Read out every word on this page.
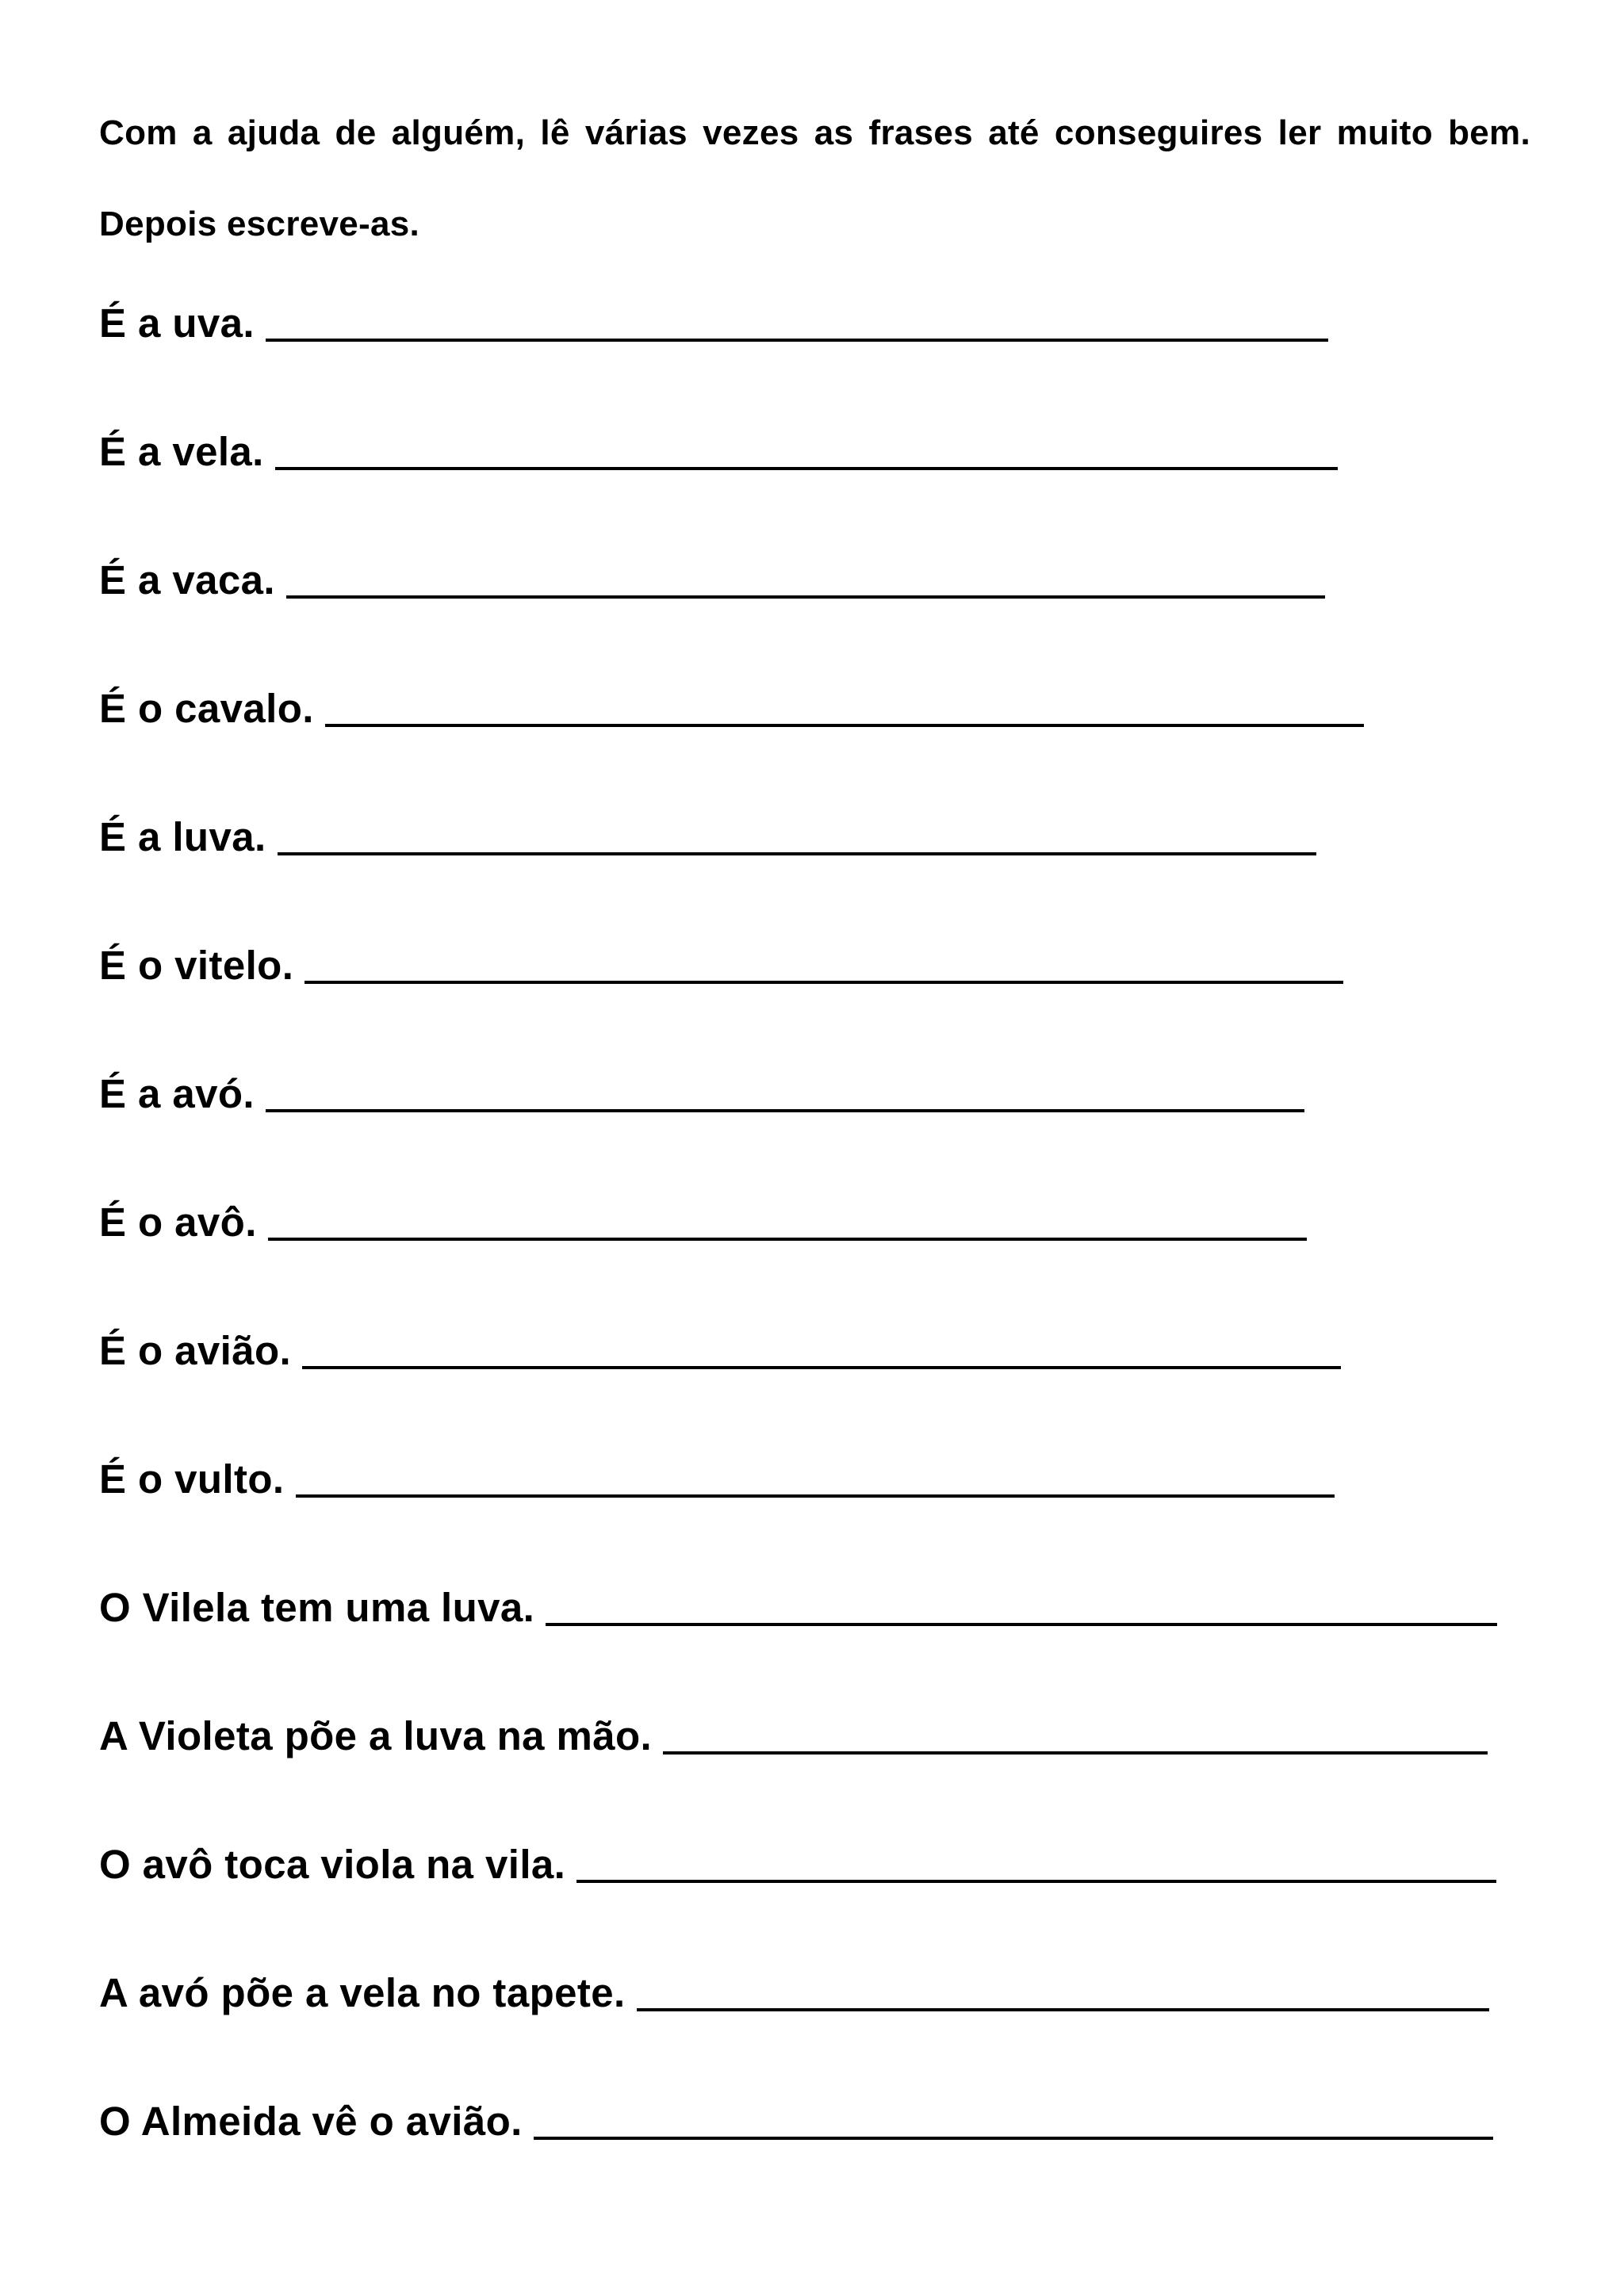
Com a ajuda de alguém, lê várias vezes as frases até conseguires ler muito bem. Depois escreve-as.

É a uva.
É a vela.
É a vaca.
É o cavalo.
É a luva.
É o vitelo.
É a avó.
É o avô.
É o avião.
É o vulto.
O Vilela tem uma luva.
A Violeta põe a luva na mão.
O avô toca viola na vila.
A avó põe a vela no tapete.
O Almeida vê o avião.
